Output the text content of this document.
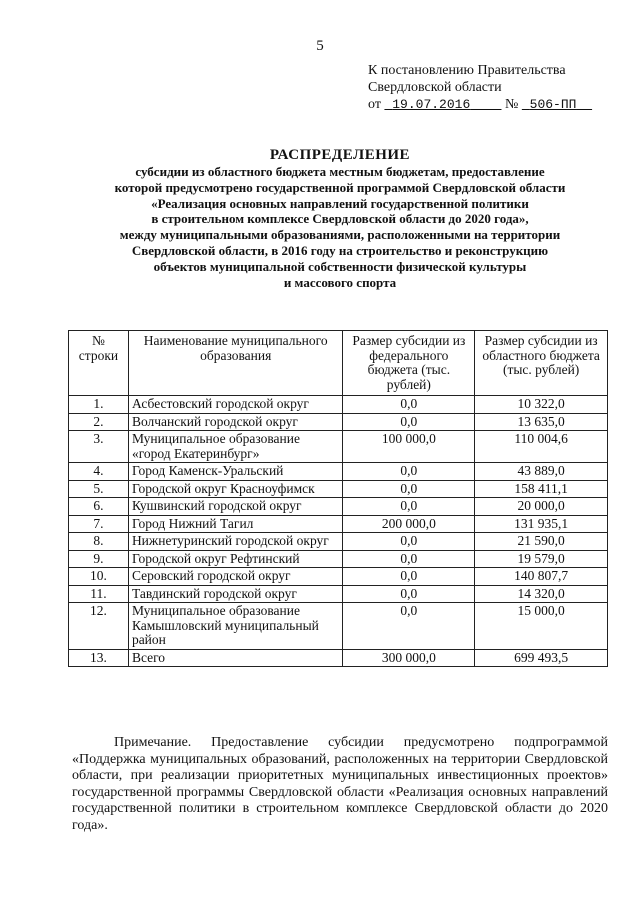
5
К постановлению Правительства
Свердловской области
от 19.07.2016 № 506-ПП
РАСПРЕДЕЛЕНИЕ
субсидии из областного бюджета местным бюджетам, предоставление
которой предусмотрено государственной программой Свердловской области
«Реализация основных направлений государственной политики
в строительном комплексе Свердловской области до 2020 года»,
между муниципальными образованиями, расположенными на территории
Свердловской области, в 2016 году на строительство и реконструкцию
объектов муниципальной собственности физической культуры
и массового спорта
№ строки	Наименование муниципального образования	Размер субсидии из федерального бюджета (тыс. рублей)	Размер субсидии из областного бюджета (тыс. рублей)
1.	Асбестовский городской округ	0,0	10 322,0
2.	Волчанский городской округ	0,0	13 635,0
3.	Муниципальное образование «город Екатеринбург»	100 000,0	110 004,6
4.	Город Каменск-Уральский	0,0	43 889,0
5.	Городской округ Красноуфимск	0,0	158 411,1
6.	Кушвинский городской округ	0,0	20 000,0
7.	Город Нижний Тагил	200 000,0	131 935,1
8.	Нижнетуринский городской округ	0,0	21 590,0
9.	Городской округ Рефтинский	0,0	19 579,0
10.	Серовский городской округ	0,0	140 807,7
11.	Тавдинский городской округ	0,0	14 320,0
12.	Муниципальное образование Камышловский муниципальный район	0,0	15 000,0
13.	Всего	300 000,0	699 493,5
Примечание. Предоставление субсидии предусмотрено подпрограммой
«Поддержка муниципальных образований, расположенных на территории Свердловской области, при реализации приоритетных муниципальных инвестиционных проектов» государственной программы Свердловской области «Реализация основных направлений государственной политики в строительном комплексе Свердловской области до 2020 года».
